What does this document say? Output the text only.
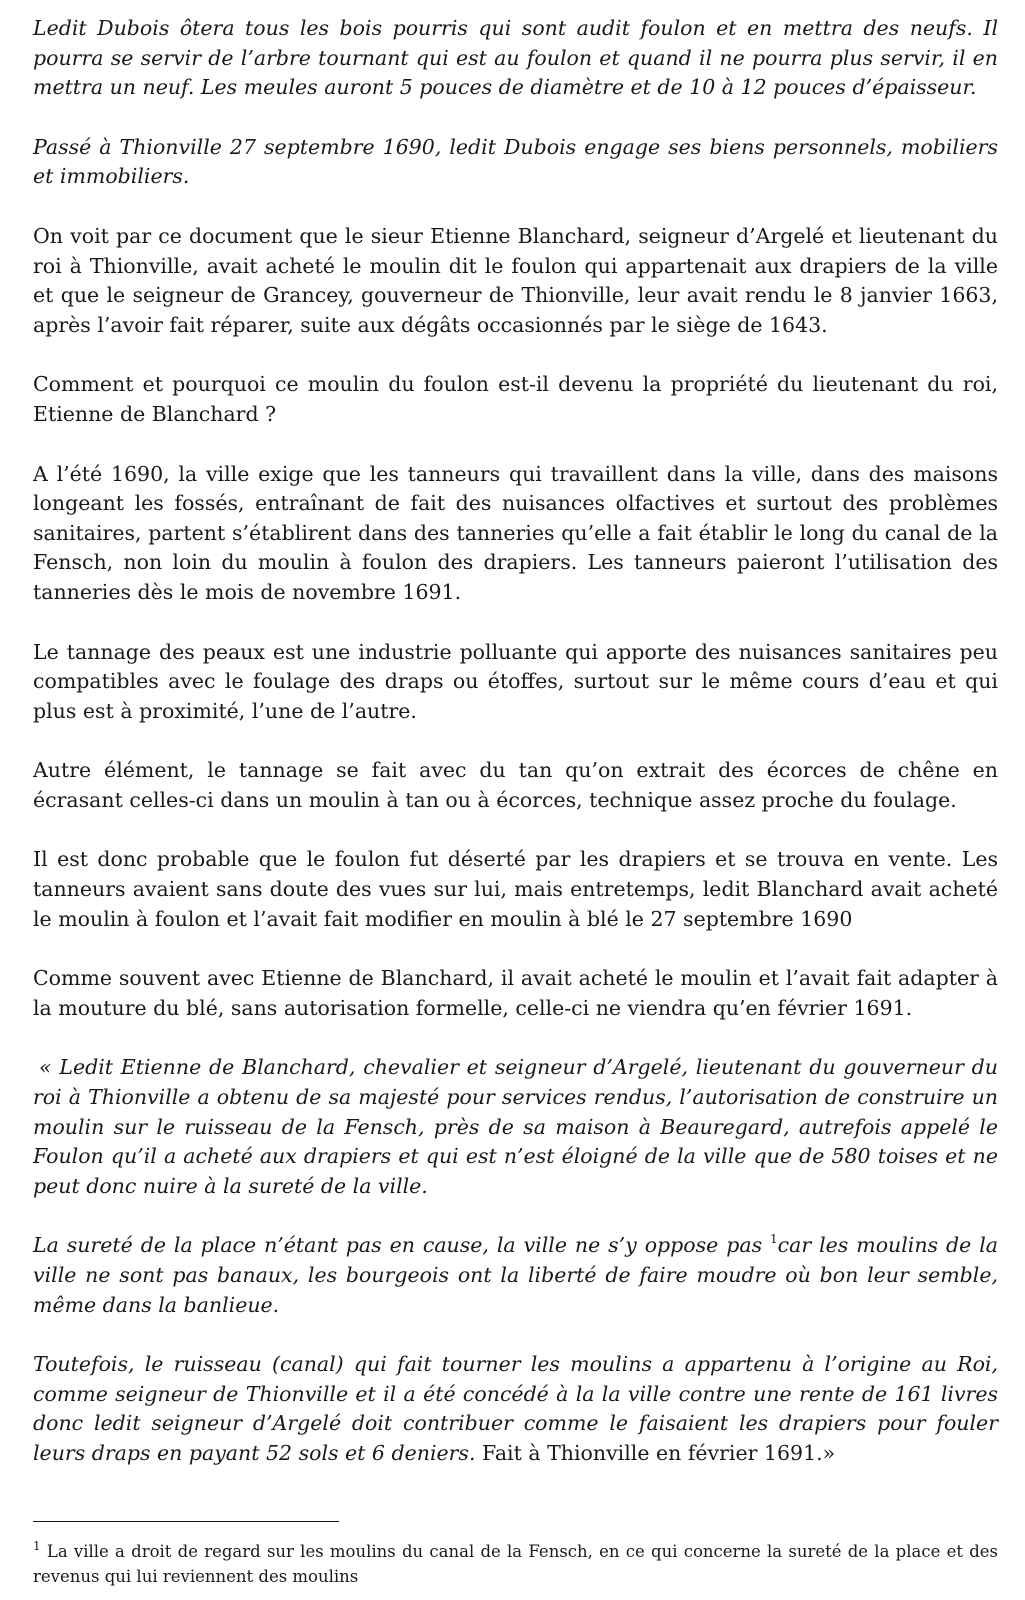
Ledit Dubois ôtera tous les bois pourris qui sont audit foulon et en mettra des neufs. Il pourra se servir de l’arbre tournant qui est au foulon et quand il ne pourra plus servir, il en mettra un neuf. Les meules auront 5 pouces de diamètre et de 10 à 12 pouces d’épaisseur.

Passé à Thionville 27 septembre 1690, ledit Dubois engage ses biens personnels, mobiliers et immobiliers.

On voit par ce document que le sieur Etienne Blanchard, seigneur d’Argelé et lieutenant du roi à Thionville, avait acheté le moulin dit le foulon qui appartenait aux drapiers de la ville et que le seigneur de Grancey, gouverneur de Thionville, leur avait rendu le 8 janvier 1663, après l’avoir fait réparer, suite aux dégâts occasionnés par le siège de 1643.

Comment et pourquoi ce moulin du foulon est-il devenu la propriété du lieutenant du roi, Etienne de Blanchard ?

A l’été 1690, la ville exige que les tanneurs qui travaillent dans la ville, dans des maisons longeant les fossés, entraînant de fait des nuisances olfactives et surtout des problèmes sanitaires, partent s’établirent dans des tanneries qu’elle a fait établir le long du canal de la Fensch, non loin du moulin à foulon des drapiers. Les tanneurs paieront l’utilisation des tanneries dès le mois de novembre 1691.

Le tannage des peaux est une industrie polluante qui apporte des nuisances sanitaires peu compatibles avec le foulage des draps ou étoffes, surtout sur le même cours d’eau et qui plus est à proximité, l’une de l’autre.

Autre élément, le tannage se fait avec du tan qu’on extrait des écorces de chêne en écrasant celles-ci dans un moulin à tan ou à écorces, technique assez proche du foulage.

Il est donc probable que le foulon fut déserté par les drapiers et se trouva en vente. Les tanneurs avaient sans doute des vues sur lui, mais entretemps, ledit Blanchard avait acheté le moulin à foulon et l’avait fait modifier en moulin à blé le 27 septembre 1690

Comme souvent avec Etienne de Blanchard, il avait acheté le moulin et l’avait fait adapter à la mouture du blé, sans autorisation formelle, celle-ci ne viendra qu’en février 1691.

« Ledit Etienne de Blanchard, chevalier et seigneur d’Argelé, lieutenant du gouverneur du roi à Thionville a obtenu de sa majesté pour services rendus, l’autorisation de construire un moulin sur le ruisseau de la Fensch, près de sa maison à Beauregard, autrefois appelé le Foulon qu’il a acheté aux drapiers et qui est n’est éloigné de la ville que de 580 toises et ne peut donc nuire à la sureté de la ville.

La sureté de la place n’étant pas en cause, la ville ne s’y oppose pas $^1$car les moulins de la ville ne sont pas banaux, les bourgeois ont la liberté de faire moudre où bon leur semble, même dans la banlieue.

Toutefois, le ruisseau (canal) qui fait tourner les moulins a appartenu à l’origine au Roi, comme seigneur de Thionville et il a été concédé à la la ville contre une rente de 161 livres donc ledit seigneur d’Argelé doit contribuer comme le faisaient les drapiers pour fouler leurs draps en payant 52 sols et 6 deniers. Fait à Thionville en février 1691.»

$^1$ La ville a droit de regard sur les moulins du canal de la Fensch, en ce qui concerne la sureté de la place et des revenus qui lui reviennent des moulins
